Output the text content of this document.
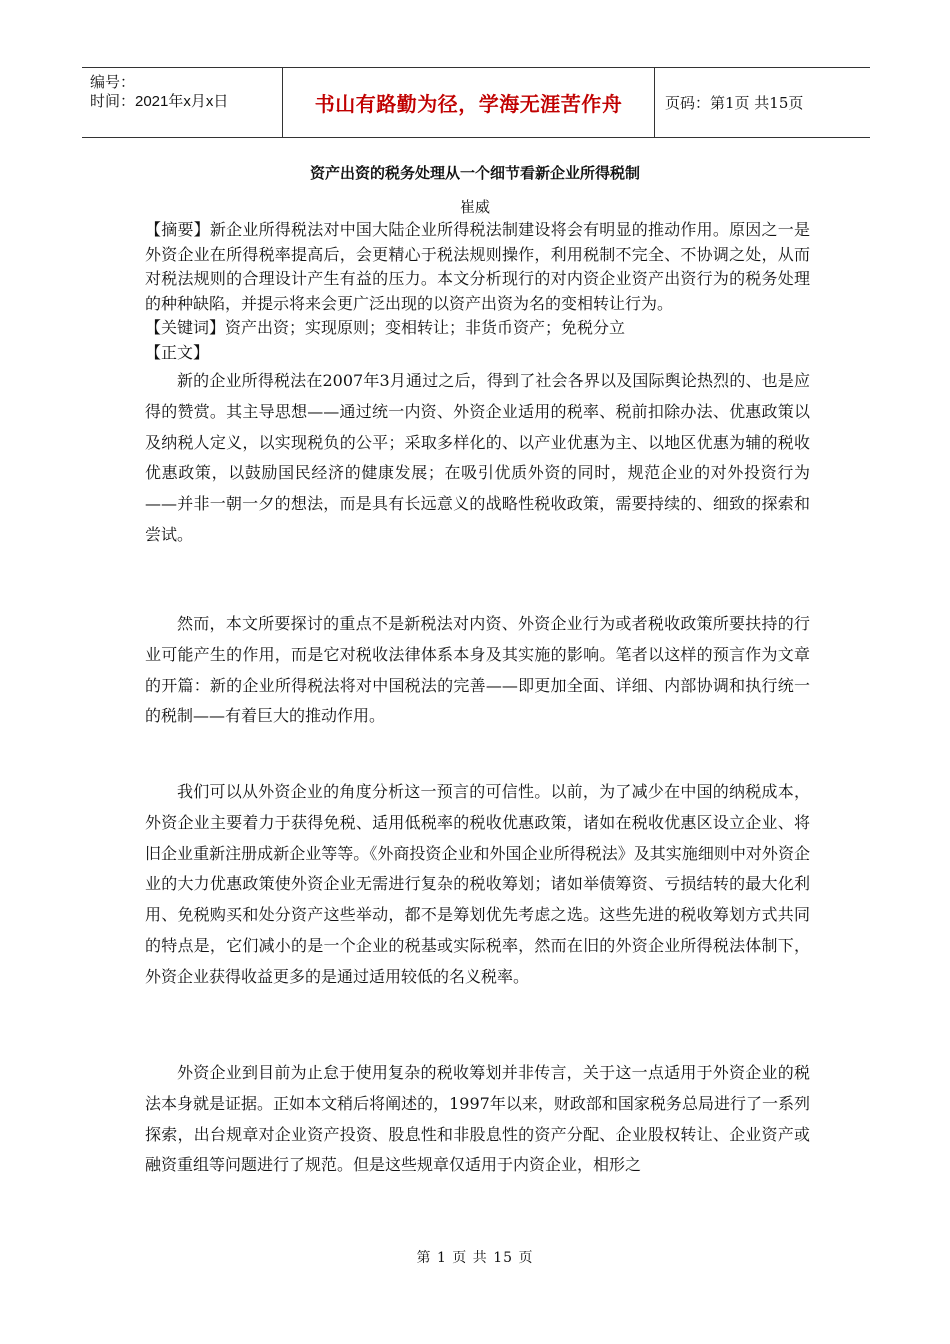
编号：
时间：2021年x月x日	书山有路勤为径，学海无涯苦作舟	页码：第1页 共15页
资产出资的税务处理从一个细节看新企业所得税制
崔威

【摘要】新企业所得税法对中国大陆企业所得税法制建设将会有明显的推动作用。原因之一是外资企业在所得税率提高后，会更精心于税法规则操作，利用税制不完全、不协调之处，从而对税法规则的合理设计产生有益的压力。本文分析现行的对内资企业资产出资行为的税务处理的种种缺陷，并提示将来会更广泛出现的以资产出资为名的变相转让行为。

【关键词】资产出资；实现原则；变相转让；非货币资产；免税分立

【正文】

新的企业所得税法在2007年3月通过之后，得到了社会各界以及国际舆论热烈的、也是应得的赞赏。其主导思想——通过统一内资、外资企业适用的税率、税前扣除办法、优惠政策以及纳税人定义，以实现税负的公平；采取多样化的、以产业优惠为主、以地区优惠为辅的税收优惠政策，以鼓励国民经济的健康发展；在吸引优质外资的同时，规范企业的对外投资行为——并非一朝一夕的想法，而是具有长远意义的战略性税收政策，需要持续的、细致的探索和尝试。

然而，本文所要探讨的重点不是新税法对内资、外资企业行为或者税收政策所要扶持的行业可能产生的作用，而是它对税收法律体系本身及其实施的影响。笔者以这样的预言作为文章的开篇：新的企业所得税法将对中国税法的完善——即更加全面、详细、内部协调和执行统一的税制——有着巨大的推动作用。

我们可以从外资企业的角度分析这一预言的可信性。以前，为了减少在中国的纳税成本，外资企业主要着力于获得免税、适用低税率的税收优惠政策，诸如在税收优惠区设立企业、将旧企业重新注册成新企业等等。《外商投资企业和外国企业所得税法》及其实施细则中对外资企业的大力优惠政策使外资企业无需进行复杂的税收筹划；诸如举债筹资、亏损结转的最大化利用、免税购买和处分资产这些举动，都不是筹划优先考虑之选。这些先进的税收筹划方式共同的特点是，它们减小的是一个企业的税基或实际税率，然而在旧的外资企业所得税法体制下，外资企业获得收益更多的是通过适用较低的名义税率。

外资企业到目前为止怠于使用复杂的税收筹划并非传言，关于这一点适用于外资企业的税法本身就是证据。正如本文稍后将阐述的，1997年以来，财政部和国家税务总局进行了一系列探索，出台规章对企业资产投资、股息性和非股息性的资产分配、企业股权转让、企业资产或融资重组等问题进行了规范。但是这些规章仅适用于内资企业，相形之

第 1 页 共 15 页
